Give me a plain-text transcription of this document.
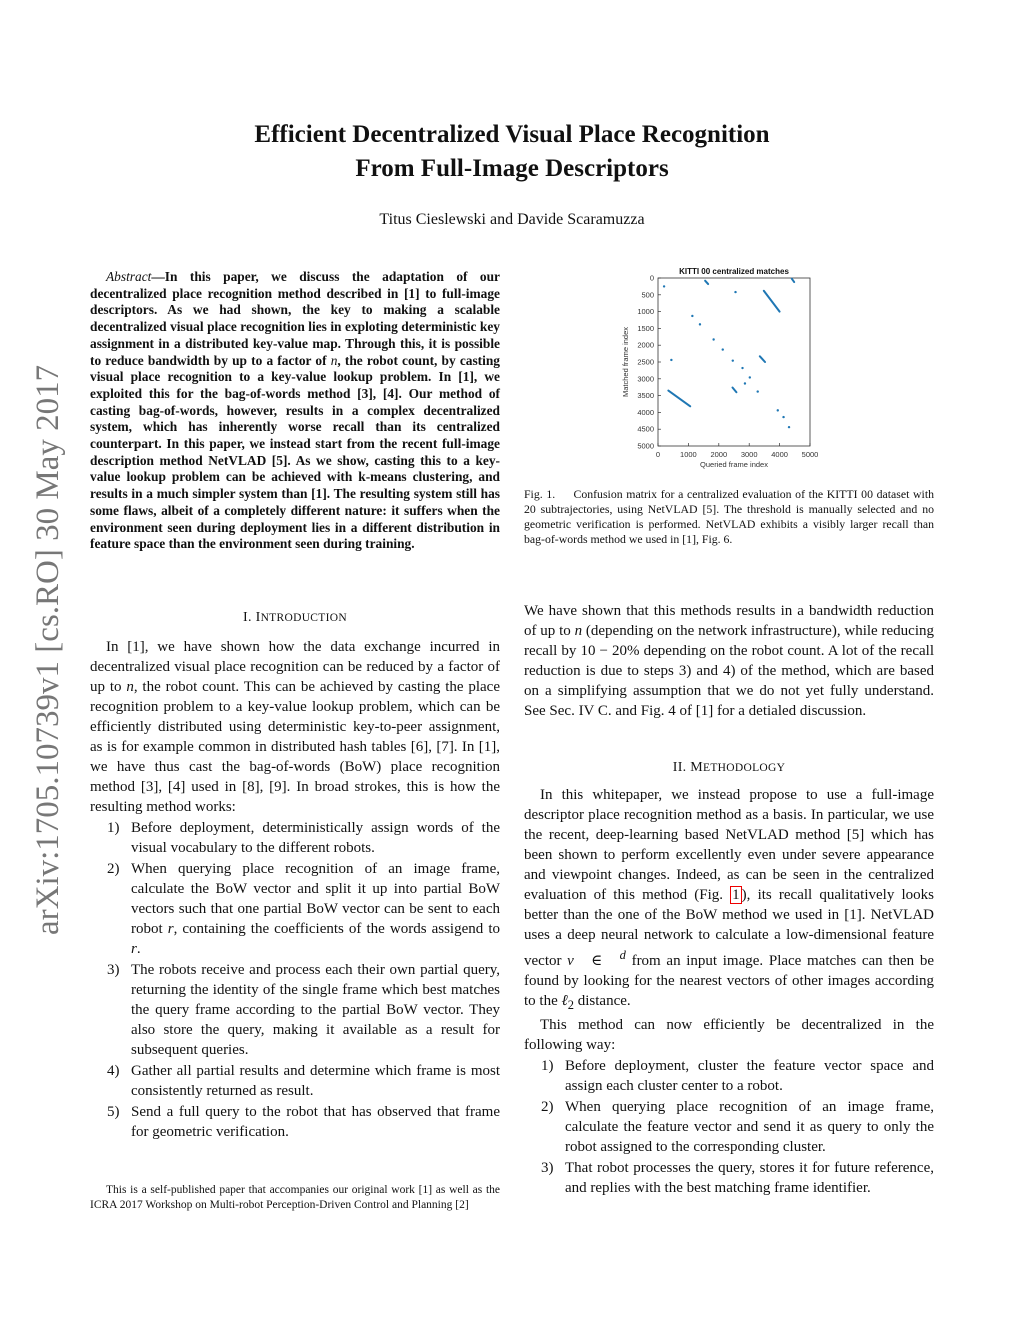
arXiv:1705.10739v1 [cs.RO] 30 May 2017
Efficient Decentralized Visual Place Recognition
From Full-Image Descriptors
Titus Cieslewski and Davide Scaramuzza

Abstract—In this paper, we discuss the adaptation of our decentralized place recognition method described in [1] to full-image descriptors. As we had shown, the key to making a scalable decentralized visual place recognition lies in exploting deterministic key assignment in a distributed key-value map. Through this, it is possible to reduce bandwidth by up to a factor of n, the robot count, by casting visual place recognition to a key-value lookup problem. In [1], we exploited this for the bag-of-words method [3], [4]. Our method of casting bag-of-words, however, results in a complex decentralized system, which has inherently worse recall than its centralized counterpart. In this paper, we instead start from the recent full-image description method NetVLAD [5]. As we show, casting this to a key-value lookup problem can be achieved with k-means clustering, and results in a much simpler system than [1]. The resulting system still has some flaws, albeit of a completely different nature: it suffers when the environment seen during deployment lies in a different distribution in feature space than the environment seen during training.

I. INTRODUCTION

In [1], we have shown how the data exchange incurred in decentralized visual place recognition can be reduced by a factor of up to n, the robot count. This can be achieved by casting the place recognition problem to a key-value lookup problem, which can be efficiently distributed using deterministic key-to-peer assignment, as is for example common in distributed hash tables [6], [7]. In [1], we have thus cast the bag-of-words (BoW) place recognition method [3], [4] used in [8], [9]. In broad strokes, this is how the resulting method works:

1) Before deployment, deterministically assign words of the visual vocabulary to the different robots.
2) When querying place recognition of an image frame, calculate the BoW vector and split it up into partial BoW vectors such that one partial BoW vector can be sent to each robot r, containing the coefficients of the words assigend to r.
3) The robots receive and process each their own partial query, returning the identity of the single frame which best matches the query frame according to the partial BoW vector. They also store the query, making it available as a result for subsequent queries.
4) Gather all partial results and determine which frame is most consistently returned as result.
5) Send a full query to the robot that has observed that frame for geometric verification.

This is a self-published paper that accompanies our original work [1] as well as the ICRA 2017 Workshop on Multi-robot Perception-Driven Control and Planning [2]

0	1000 2000 3000 4000 5000
0
500
1000
1500
2000
2500
3000
3500
4000
4500
5000
KITTI 00 centralized matches
Queried frame index
Matched frame index

Fig. 1. Confusion matrix for a centralized evaluation of the KITTI 00 dataset with 20 subtrajectories, using NetVLAD [5]. The threshold is manually selected and no geometric verification is performed. NetVLAD exhibits a visibly larger recall than bag-of-words method we used in [1], Fig. 6.

We have shown that this methods results in a bandwidth reduction of up to n (depending on the network infrastructure), while reducing recall by 10 − 20% depending on the robot count. A lot of the recall reduction is due to steps 3) and 4) of the method, which are based on a simplifying assumption that we do not yet fully understand. See Sec. IV C. and Fig. 4 of [1] for a detialed discussion.

II. METHODOLOGY

In this whitepaper, we instead propose to use a full-image descriptor place recognition method as a basis. In particular, we use the recent, deep-learning based NetVLAD method [5] which has been shown to perform excellently even under severe appearance and viewpoint changes. Indeed, as can be seen in the centralized evaluation of this method (Fig. 1 ), its recall qualitatively looks better than the one of the BoW method we used in [1]. NetVLAD uses a deep neural network to calculate a low-dimensional feature vector v⃗ ∈ ℝ$^d$ from an input image. Place matches can then be found by looking for the nearest vectors of other images according to the ℓ$_2$ distance.

This method can now efficiently be decentralized in the following way:

1) Before deployment, cluster the feature vector space and assign each cluster center to a robot.
2) When querying place recognition of an image frame, calculate the feature vector and send it as query to only the robot assigned to the corresponding cluster.
3) That robot processes the query, stores it for future reference, and replies with the best matching frame identifier.
